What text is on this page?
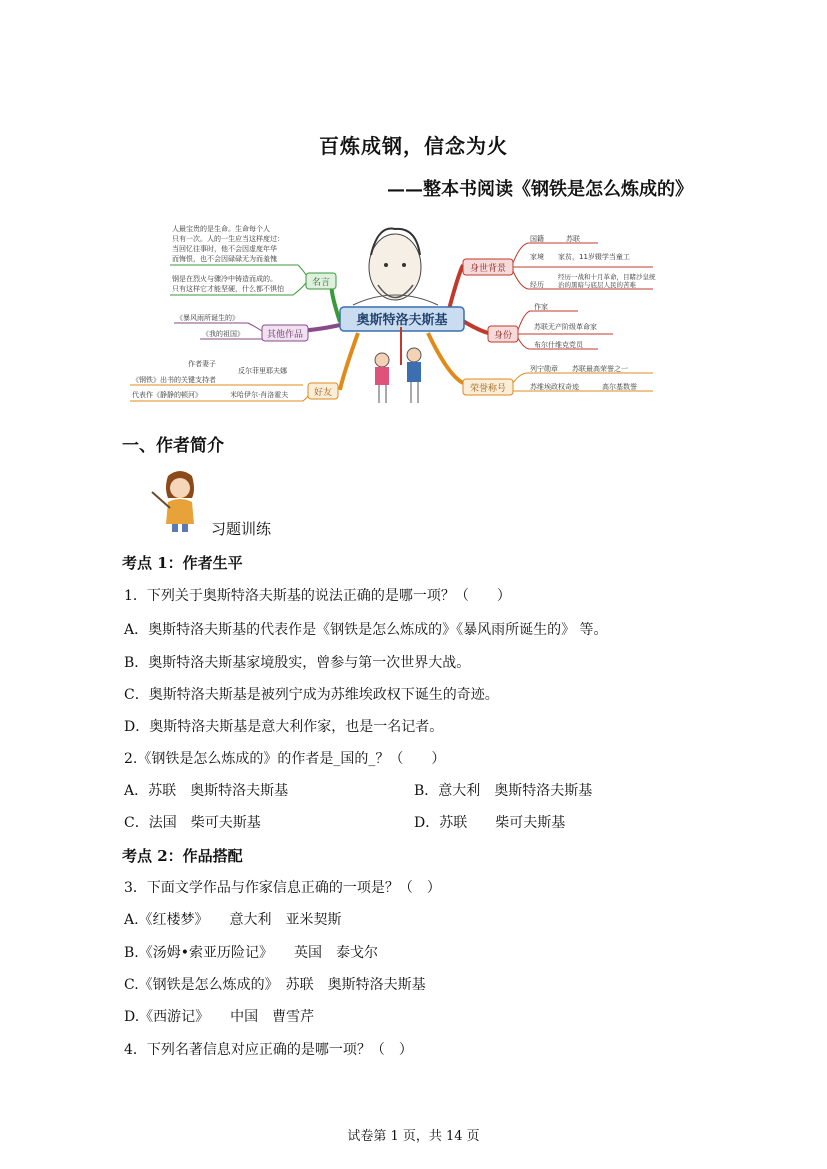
百炼成钢，信念为火
——整本书阅读《钢铁是怎么炼成的》
奥斯特洛夫斯基
人最宝贵的是生命。生命每个人
只有一次。人的一生应当这样度过：
当回忆往事时，他不会因虚度年华
而悔恨，也不会因碌碌无为而羞愧
钢是在烈火与骤冷中铸造而成的。
只有这样它才能坚硬，什么都不惧怕
名言
《暴风雨所诞生的》
《我的祖国》	其他作品
作者妻子
反尔菲里耶夫娜
《钢铁》出书的关键支持者
代表作《静静的顿河》	米哈伊尔·肖洛霍夫	好友
身世背景
国籍	苏联
家境 家贫，11岁辍学当童工
经历
经历一战和十月革命，目睹沙皇统治的黑暗与底层人民的苦难
身份
作家
苏联无产阶级革命家
布尔什维克党员
荣誉称号
列宁勋章 苏联最高荣誉之一
苏维埃政权奇迹	高尔基数誉
一、作者简介
习题训练
考点 1：作者生平
1．下列关于奥斯特洛夫斯基的说法正确的是哪一项？（　　）
A．奥斯特洛夫斯基的代表作是《钢铁是怎么炼成的》《暴风雨所诞生的》 等。
B．奥斯特洛夫斯基家境殷实，曾参与第一次世界大战。
C．奥斯特洛夫斯基是被列宁成为苏维埃政权下诞生的奇迹。
D．奥斯特洛夫斯基是意大利作家，也是一名记者。
2.《钢铁是怎么炼成的》的作者是_国的_？（　　）
A．苏联　奥斯特洛夫斯基	B．意大利　奥斯特洛夫斯基
C．法国　柴可夫斯基	D．苏联　　柴可夫斯基
考点 2：作品搭配
3．下面文学作品与作家信息正确的一项是？（　）
A.《红楼梦》　　意大利　亚米契斯
B.《汤姆•索亚历险记》　　英国　泰戈尔
C.《钢铁是怎么炼成的》　苏联　奥斯特洛夫斯基
D.《西游记》　　中国　曹雪芹
4．下列名著信息对应正确的是哪一项？（　）
试卷第 1 页，共 14 页
